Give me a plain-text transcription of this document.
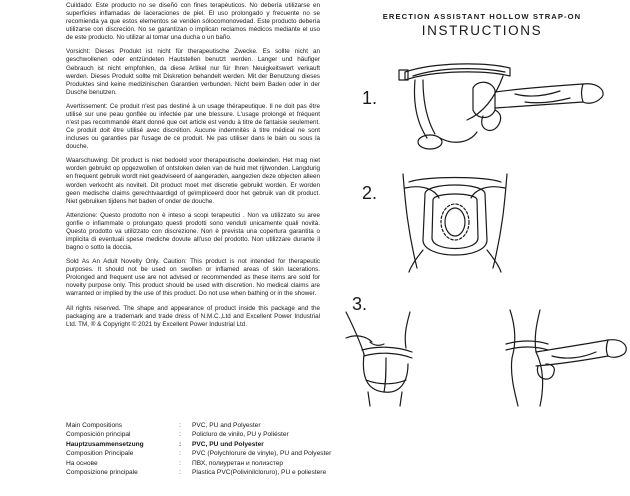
Cuildado: Este producto no se diseñó con fines terapéuticos. No debería utilizarse en superficies inflamadas de laceraciones de piel. El uso prolongado y frecuente no se recomienda ya que estos elementos se venden sólocomonovedad. Este producto debería utilizarse con discreción. No se garantizan o implican reclamos médicos mediante el uso de este producto. No utilizar al tomar una ducha o un baño.

Vorsicht: Dieses Produkt ist nicht für therapeutische Zwecke. Es sollte nicht an geschwollenen oder entzündeten Hautstellen benutzt werden. Langer und häufiger Gebrauch ist nicht empfohlen, da diese Artikel nur für Ihren Neuigkeitswert verkauft werden. Dieses Produkt sollte mit Diskretion behandelt werden. Mit der Benutzung dieses Produktes sind keine medizinischen Garantien verbunden. Nicht beim Baden oder in der Dusche benutzen.

Avertissement: Ce produit n'est pas destiné à un usage thérapeutique. Il ne doit pas être utilisé sur une peau gonflée ou infectée par une blessure. L'usage prolongé et fréquent n'est pas recommandé étant donné que cet article est vendu à titre de fantaisie seulement. Ce produit doit être utilisé avec discrétion. Aucune indemnités à titre médical ne sont incluses ou garanties par l'usage de ce produit. Ne pas utiliser dans le bain ou sous la douche.

Waarschuwing: Dit product is niet bedoeld voor therapeutische doeleinden. Het mag niet worden gebruikt op opgezwollen of ontstoken delen van de huid met rijtwonden. Langdurig en frequent gebruik wordt niet geadviseerd of aangeraden, aangezien deze objecten alleen worden verkocht als noviteit. Dit product moet met discretie gebruikt worden. Er worden geen medische claims gerechtvaardigd of geïmpliceerd door het gebruik van dit product. Niet gebruiken tijdens het baden of onder de douche.

Attenzione: Questo prodotto non è inteso a scopi terapeutici . Non va utilizzato su aree gonfie o infiammate o prolungato questi prodotti sono venduti unicamente quali novità. Questo prodotto va utilizzato con discrezione. Non è prevista una copertura garantita o implicita di eventuali spese mediche dovute all'uso del prodotto. Non utilizzare durante il bagno o sotto la doccia.

Sold As An Adult Novelty Only. Caution: This product is not intended for therapeutic purposes. It should not be used on swollen or inflamed areas of skin lacerations. Prolonged and frequent use are not advised or recommended as these items are sold for novelty purpose only. This product should be used with discretion. No medical claims are warranted or implied by the use of this product. Do not use when bathing or in the shower.

All rights reserved. The shape and appearance of product inside this package and the packaging are a trademark and trade dress of N.M.C.,Ltd and Excellent Power Industrial Ltd. TM, ® & Copyright © 2021 by Excellent Power Industrial Ltd.

Main Compositions	:	PVC, PU and Polyester
Composición principal	:	Policluro de vinilo, PU y Poliéster
Hauptzusammensetzung	:	PVC, PU und Polyester
Composition Principale	:	PVC (Polychlorure de vinyle), PU and Polyester
На основе	:	ПВХ, полиуретан и полиэстер
Composizione principale	:	Plastica PVC(Polivinilcloruro), PU e poliestere
ERECTION ASSISTANT HOLLOW STRAP-ON
INSTRUCTIONS
1.
2.
3.
